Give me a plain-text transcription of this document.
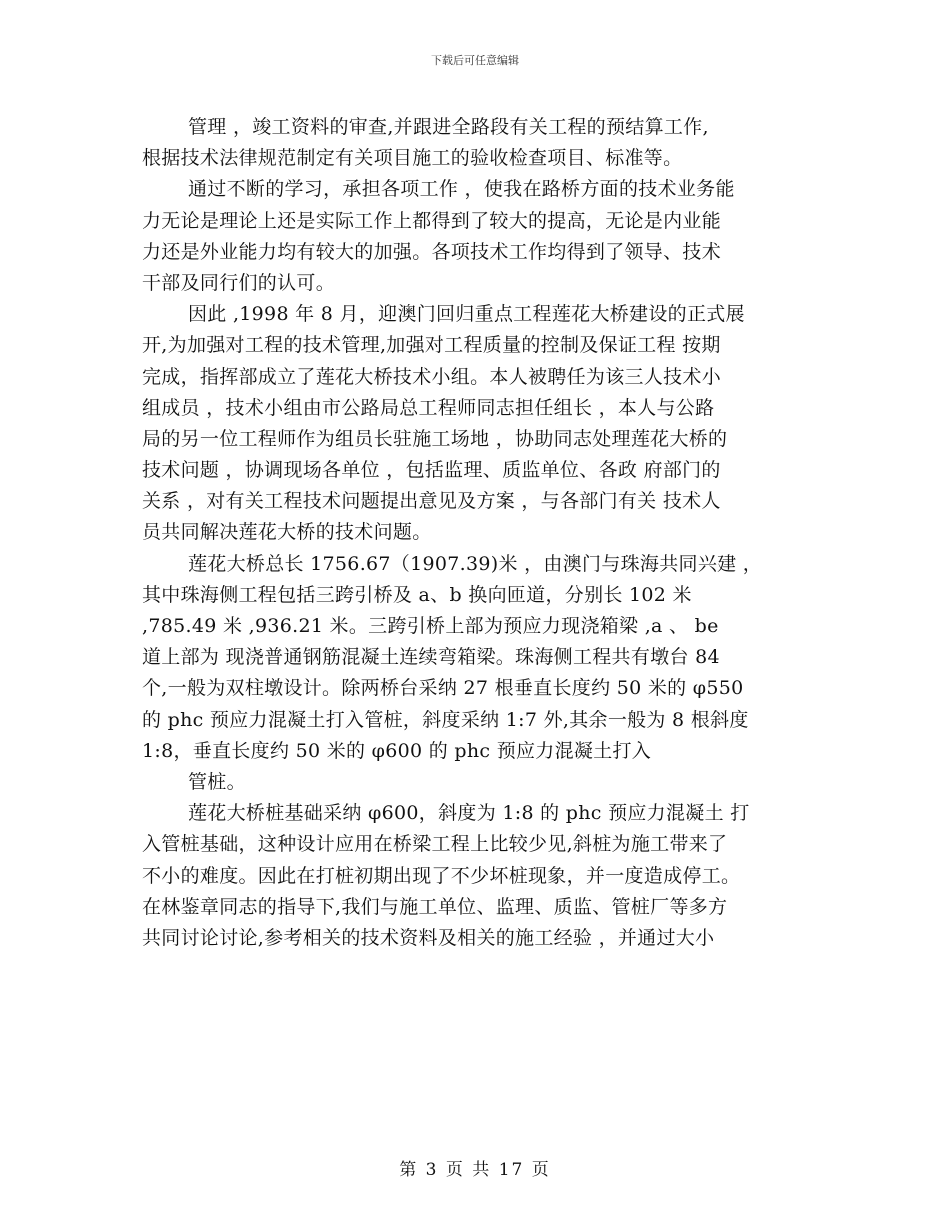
下载后可任意编辑
管理 ，竣工资料的审查,并跟进全路段有关工程的预结算工作,
根据技术法律规范制定有关项目施工的验收检查项目、标准等。
通过不断的学习，承担各项工作 ，使我在路桥方面的技术业务能
力无论是理论上还是实际工作上都得到了较大的提高，无论是内业能
力还是外业能力均有较大的加强。各项技术工作均得到了领导、技术
干部及同行们的认可。
因此 ,1998 年 8 月，迎澳门回归重点工程莲花大桥建设的正式展
开,为加强对工程的技术管理,加强对工程质量的控制及保证工程 按期
完成，指挥部成立了莲花大桥技术小组。本人被聘任为该三人技术小
组成员 ，技术小组由市公路局总工程师同志担任组长 ，本人与公路
局的另一位工程师作为组员长驻施工场地 ，协助同志处理莲花大桥的
技术问题 ，协调现场各单位 ，包括监理、质监单位、各政 府部门的
关系 ，对有关工程技术问题提出意见及方案 ，与各部门有关 技术人
员共同解决莲花大桥的技术问题。
莲花大桥总长 1756.67（1907.39)米 ，由澳门与珠海共同兴建 ，
其中珠海侧工程包括三跨引桥及 a、b 换向匝道，分别长 102 米
,785.49 米 ,936.21 米。三跨引桥上部为预应力现浇箱梁 ,a 、 be
道上部为 现浇普通钢筋混凝土连续弯箱梁。珠海侧工程共有墩台 84
个,一般为双柱墩设计。除两桥台采纳 27 根垂直长度约 50 米的 φ550
的 phc 预应力混凝土打入管桩，斜度采纳 1:7 外,其余一般为 8 根斜度
1:8，垂直长度约 50 米的 φ600 的 phc 预应力混凝土打入
管桩。
莲花大桥桩基础采纳 φ600，斜度为 1:8 的 phc 预应力混凝土 打
入管桩基础，这种设计应用在桥梁工程上比较少见,斜桩为施工带来了
不小的难度。因此在打桩初期出现了不少坏桩现象，并一度造成停工。
在林鉴章同志的指导下,我们与施工单位、监理、质监、管桩厂等多方
共同讨论讨论,参考相关的技术资料及相关的施工经验 ，并通过大小
第 3 页 共 17 页
